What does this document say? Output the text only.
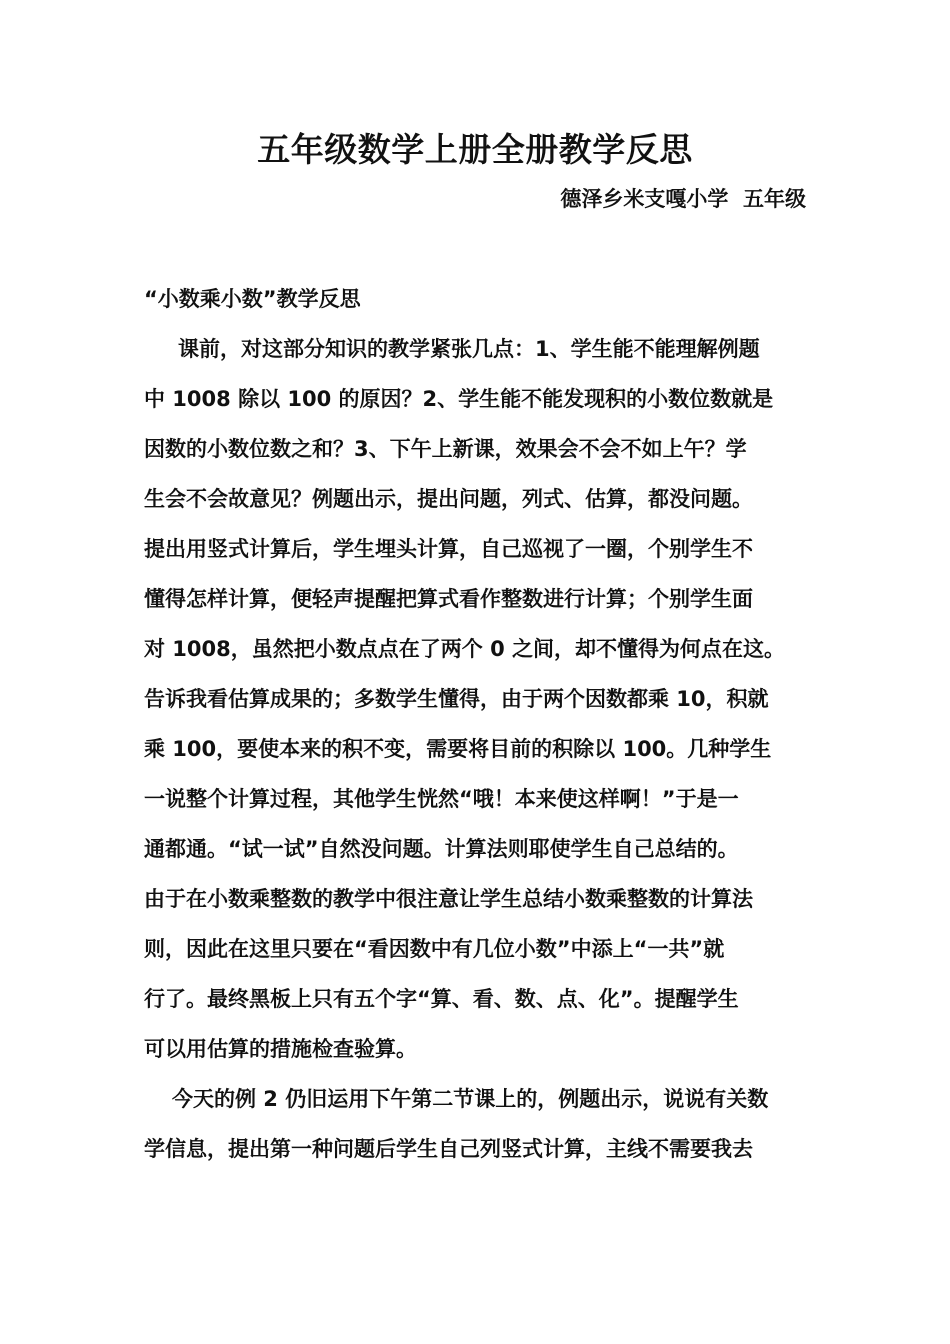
五年级数学上册全册教学反思
德泽乡米支嘎小学  五年级
“小数乘小数”教学反思

课前，对这部分知识的教学紧张几点：1、学生能不能理解例题

中 1008 除以 100 的原因？2、学生能不能发现积的小数位数就是

因数的小数位数之和？3、下午上新课，效果会不会不如上午？学

生会不会故意见？例题出示，提出问题，列式、估算，都没问题。

提出用竖式计算后，学生埋头计算，自己巡视了一圈，个别学生不

懂得怎样计算，便轻声提醒把算式看作整数进行计算；个别学生面

对 1008，虽然把小数点点在了两个 0 之间，却不懂得为何点在这。

告诉我看估算成果的；多数学生懂得，由于两个因数都乘 10，积就

乘 100，要使本来的积不变，需要将目前的积除以 100。几种学生

一说整个计算过程，其他学生恍然“哦！本来使这样啊！”于是一

通都通。“试一试”自然没问题。计算法则耶使学生自己总结的。

由于在小数乘整数的教学中很注意让学生总结小数乘整数的计算法

则，因此在这里只要在“看因数中有几位小数”中添上“一共”就

行了。最终黑板上只有五个字“算、看、数、点、化”。提醒学生

可以用估算的措施检查验算。

今天的例 2 仍旧运用下午第二节课上的，例题出示，说说有关数

学信息，提出第一种问题后学生自己列竖式计算，主线不需要我去
